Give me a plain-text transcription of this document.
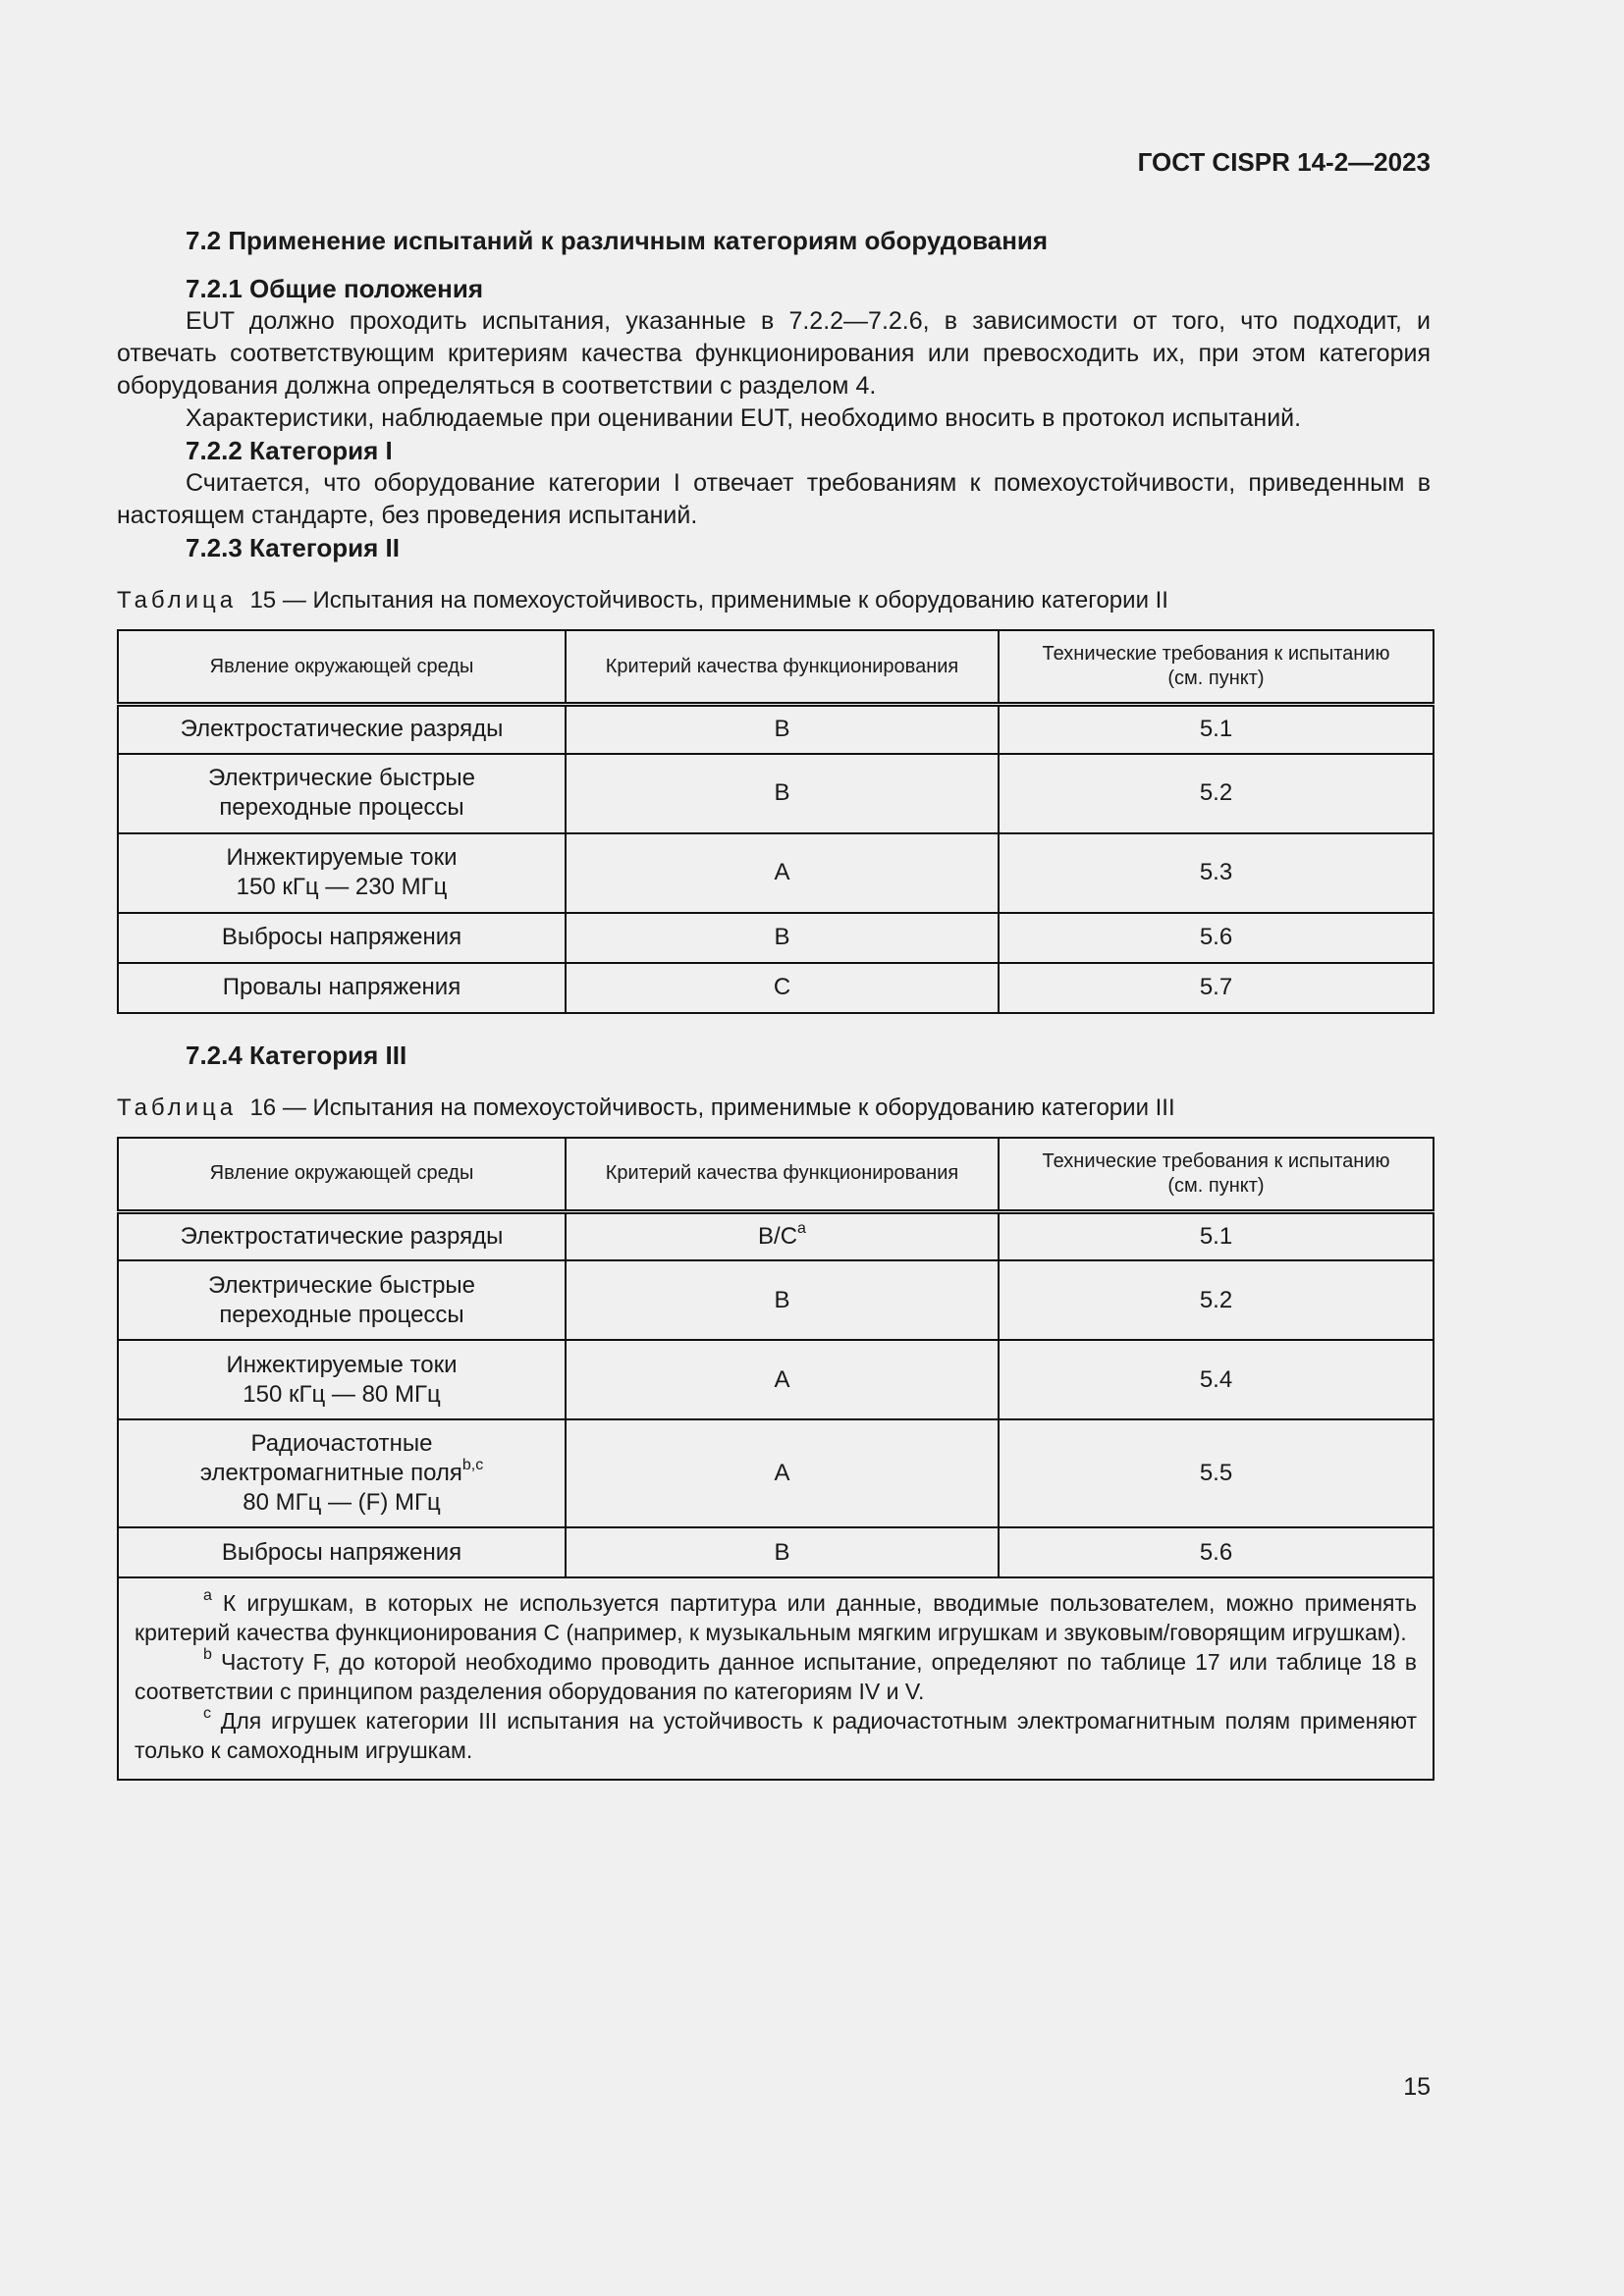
ГОСТ CISPR 14-2—2023

7.2 Применение испытаний к различным категориям оборудования

7.2.1 Общие положения

EUT должно проходить испытания, указанные в 7.2.2—7.2.6, в зависимости от того, что подходит, и отвечать соответствующим критериям качества функционирования или превосходить их, при этом категория оборудования должна определяться в соответствии с разделом 4.

Характеристики, наблюдаемые при оценивании EUT, необходимо вносить в протокол испытаний.

7.2.2 Категория I

Считается, что оборудование категории I отвечает требованиям к помехоустойчивости, приведенным в настоящем стандарте, без проведения испытаний.

7.2.3 Категория II

Таблица 15 — Испытания на помехоустойчивость, применимые к оборудованию категории II

Явление окружающей среды	Критерий качества функционирования	Технические требования к испытанию
(см. пункт)
Электростатические разряды	B	5.1
Электрические быстрые
переходные процессы	B	5.2
Инжектируемые токи
150 кГц — 230 МГц	A	5.3
Выбросы напряжения	B	5.6
Провалы напряжения	C	5.7

7.2.4 Категория III

Таблица 16 — Испытания на помехоустойчивость, применимые к оборудованию категории III

Явление окружающей среды	Критерий качества функционирования	Технические требования к испытанию
(см. пункт)
Электростатические разряды	$B/C^a$	5.1
Электрические быстрые
переходные процессы	B	5.2
Инжектируемые токи
150 кГц — 80 МГц	A	5.4
Радиочастотные
электромагнитные поля$^{b,c}$
80 МГц — (F) МГц	A	5.5
Выбросы напряжения	B	5.6

$^a$ К игрушкам, в которых не используется партитура или данные, вводимые пользователем, можно применять критерий качества функционирования C (например, к музыкальным мягким игрушкам и звуковым/говорящим игрушкам).

$^b$ Частоту F, до которой необходимо проводить данное испытание, определяют по таблице 17 или таблице 18 в соответствии с принципом разделения оборудования по категориям IV и V.

$^c$ Для игрушек категории III испытания на устойчивость к радиочастотным электромагнитным полям применяют только к самоходным игрушкам.		

15
